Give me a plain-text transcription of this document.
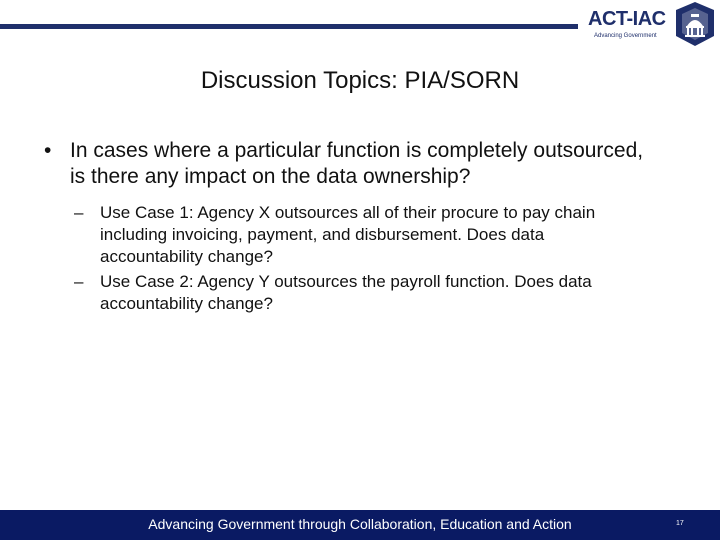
ACT-IAC
Advancing Government
Discussion Topics: PIA/SORN
• In cases where a particular function is completely outsourced, is there any impact on the data ownership?
– Use Case 1: Agency X outsources all of their procure to pay chain including invoicing, payment, and disbursement. Does data accountability change?
– Use Case 2: Agency Y outsources the payroll function. Does data accountability change?
Advancing Government through Collaboration, Education and Action	17
